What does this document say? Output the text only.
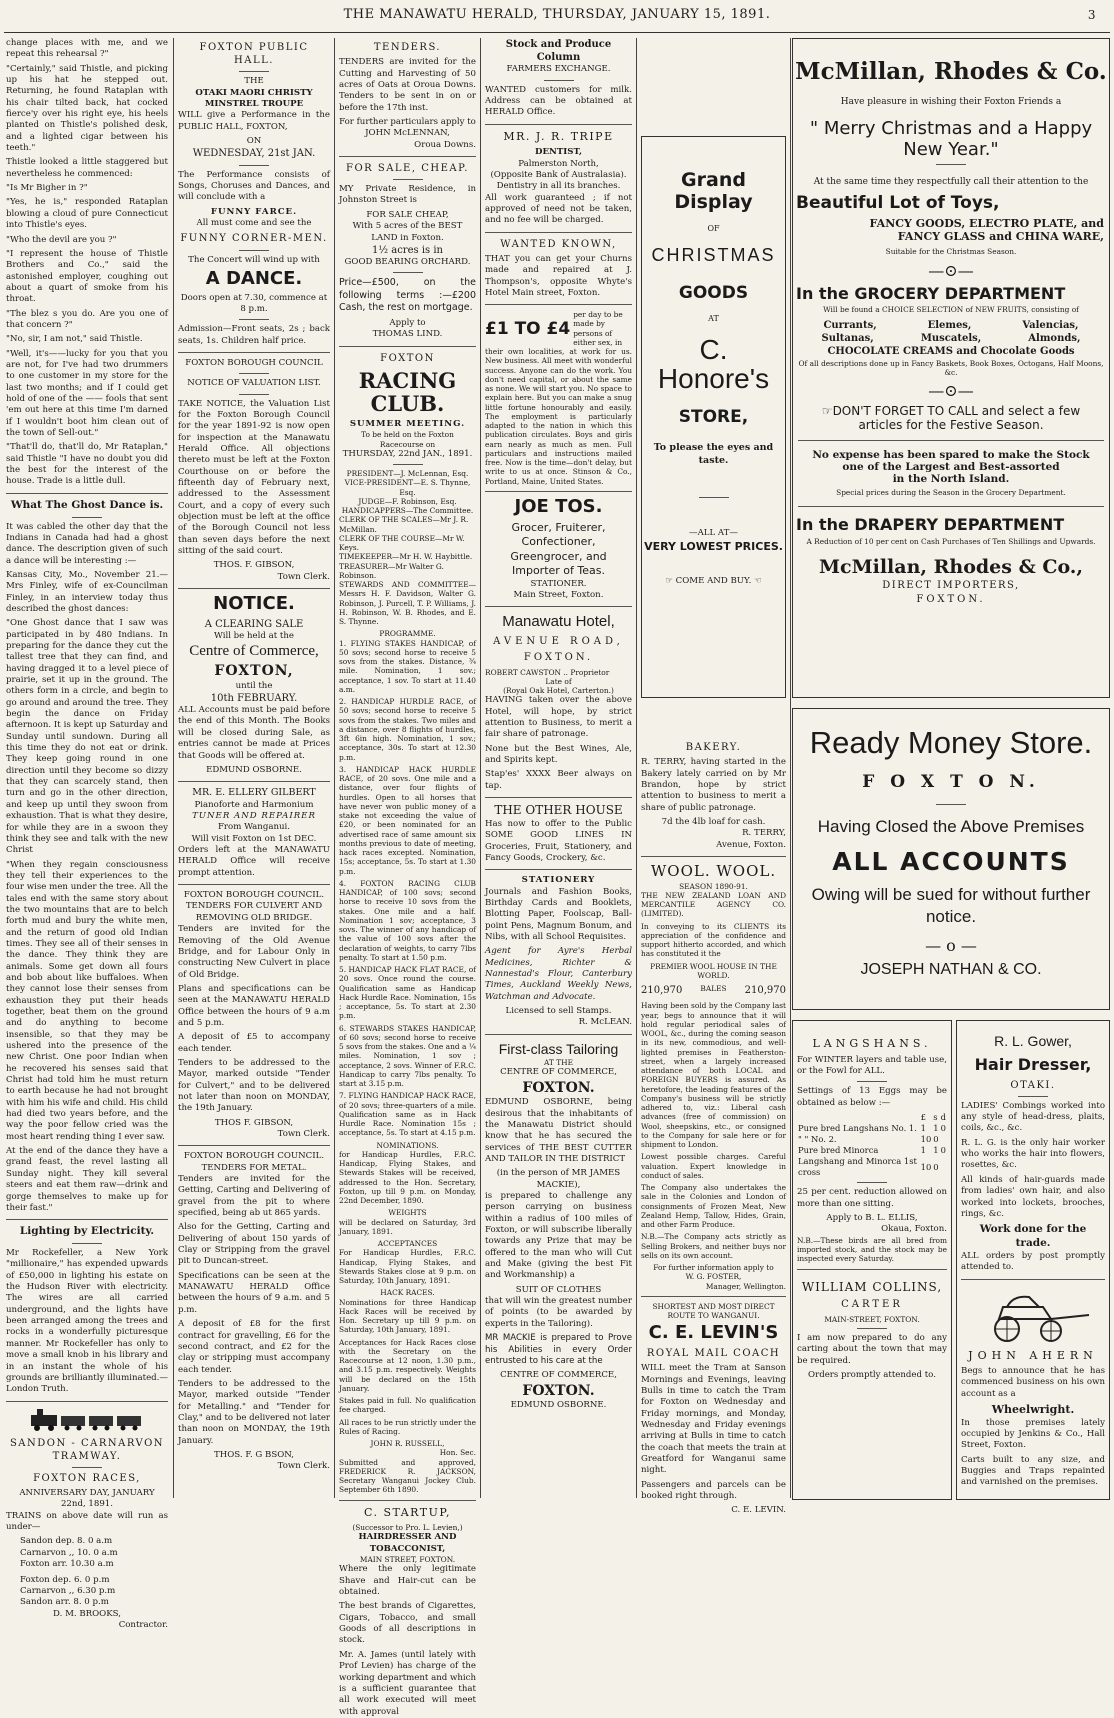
THE MANAWATU HERALD, THURSDAY, JANUARY 15, 1891.	3

change places with me, and we repeat this rehearsal ?"

"Certainly," said Thistle, and picking up his hat he stepped out. Returning, he found Rataplan with his chair tilted back, hat cocked fierce'y over his right eye, his heels planted on Thistle's polished desk, and a lighted cigar between his teeth."

Thistle looked a little staggered but nevertheless he commenced:

"Is Mr Bigher in ?"

"Yes, he is," responded Rataplan blowing a cloud of pure Connecticut into Thistle's eyes.

"Who the devil are you ?"

"I represent the house of Thistle Brothers and Co.," said the astonished employer, coughing out about a quart of smoke from his throat.

"The blez s you do. Are you one of that concern ?"

"No, sir, I am not," said Thistle.

"Well, it's——lucky for you that you are not, for I've had two drummers to one customer in my store for the last two months; and if I could get hold of one of the —— fools that sent 'em out here at this time I'm darned if I wouldn't boot him clean out of the town of Sell-out."

"That'll do, that'll do, Mr Rataplan," said Thistle "I have no doubt you did the best for the interest of the house. Trade is a little dull.

What The Ghost Dance is.

It was cabled the other day that the Indians in Canada had had a ghost dance. The description given of such a dance will be interesting :—

Kansas City, Mo., November 21.—Mrs Finley, wife of ex-Councilman Finley, in an interview today thus described the ghost dances:

"One Ghost dance that I saw was participated in by 480 Indians. In preparing for the dance they cut the tallest tree that they can find, and having dragged it to a level piece of prairie, set it up in the ground. The others form in a circle, and begin to go around and around the tree. They begin the dance on Friday afternoon. It is kept up Saturday and Sunday until sundown. During all this time they do not eat or drink. They keep going round in one direction until they become so dizzy that they can scarcely stand, then turn and go in the other direction, and keep up until they swoon from exhaustion. That is what they desire, for while they are in a swoon they think they see and talk with the new Christ

"When they regain consciousness they tell their experiences to the four wise men under the tree. All the tales end with the same story about the two mountains that are to belch forth mud and bury the white men, and the return of good old Indian times. They see all of their senses in the dance. They think they are animals. Some get down all fours and bob about like buffaloes. When they cannot lose their senses from exhaustion they put their heads together, beat them on the ground and do anything to become insensible, so that they may be ushered into the presence of the new Christ. One poor Indian when he recovered his senses said that Christ had told him he must return to earth because he had not brought with him his wife and child. His child had died two years before, and the way the poor fellow cried was the most heart rending thing I ever saw.

At the end of the dance they have a grand feast, the revel lasting all Sunday night. They kill several steers and eat them raw—drink and gorge themselves to make up for their fast."

Lighting by Electricity.

Mr Rockefeller, a New York "millionaire," has expended upwards of £50,000 in lighting his estate on the Hudson River with electricity. The wires are all carried underground, and the lights have been arranged among the trees and rocks in a wonderfully picturesque manner. Mr Rockefeller has only to move a small knob in his library and in an instant the whole of his grounds are brilliantly illuminated.—London Truth.

SANDON - CARNARVON TRAMWAY.
FOXTON RACES,
ANNIVERSARY DAY, JANUARY 22nd, 1891.

TRAINS on above date will run as under—

Sandon dep. 8. 0 a.m
Carnarvon ,, 10. 0 a.m
Foxton arr. 10.30 a.m
Foxton dep. 6. 0 p.m
Carnarvon ,, 6.30 p.m
Sandon arr. 8. 0 p.m
D. M. BROOKS,
Contractor.
FOXTON PUBLIC HALL.
THE
OTAKI MAORI CHRISTY MINSTREL TROUPE

WILL give a Performance in the PUBLIC HALL, FOXTON,

ON
WEDNESDAY, 21st JAN.

The Performance consists of Songs, Choruses and Dances, and will conclude with a

FUNNY FARCE.
All must come and see the
FUNNY CORNER-MEN.
The Concert will wind up with
A DANCE.
Doors open at 7.30, commence at 8 p.m.

Admission—Front seats, 2s ; back seats, 1s. Children half price.

FOXTON BOROUGH COUNCIL
NOTICE OF VALUATION LIST.

TAKE NOTICE, the Valuation List for the Foxton Borough Council for the year 1891-92 is now open for inspection at the Manawatu Herald Office. All objections thereto must be left at the Foxton Courthouse on or before the fifteenth day of February next, addressed to the Assessment Court, and a copy of every such objection must be left at the office of the Borough Council not less than seven days before the next sitting of the said court.

THOS. F. GIBSON,
Town Clerk.
NOTICE.
A CLEARING SALE
Will be held at the
Centre of Commerce,
FOXTON,
until the
10th FEBRUARY.

ALL Accounts must be paid before the end of this Month. The Books will be closed during Sale, as entries cannot be made at Prices that Goods will be offered at.

EDMUND OSBORNE.
MR. E. ELLERY GILBERT
Pianoforte and Harmonium
TUNER AND REPAIRER
From Wanganui.
Will visit Foxton on 1st DEC.

Orders left at the MANAWATU HERALD Office will receive prompt attention.

FOXTON BOROUGH COUNCIL.
TENDERS FOR CULVERT AND REMOVING OLD BRIDGE.

Tenders are invited for the Removing of the Old Avenue Bridge, and for Labour Only in constructing New Culvert in place of Old Bridge.

Plans and specifications can be seen at the MANAWATU HERALD Office between the hours of 9 a.m and 5 p.m.

A deposit of £5 to accompany each tender.

Tenders to be addressed to the Mayor, marked outside "Tender for Culvert," and to be delivered not later than noon on MONDAY, the 19th January.

THOS F. GIBSON,
Town Clerk.
FOXTON BOROUGH COUNCIL.
TENDERS FOR METAL.

Tenders are invited for the Getting, Carting and Delivering of gravel from the pit to where specified, being ab ut 865 yards.

Also for the Getting, Carting and Delivering of about 150 yards of Clay or Stripping from the gravel pit to Duncan-street.

Specifications can be seen at the MANAWATU HERALD Office between the hours of 9 a.m. and 5 p.m.

A deposit of £8 for the first contract for gravelling, £6 for the second contract, and £2 for the clay or stripping must accompany each tender.

Tenders to be addressed to the Mayor, marked outside "Tender for Metalling." and "Tender for Clay," and to be delivered not later than noon on MONDAY, the 19th January.

THOS. F. G BSON,
Town Clerk.
TENDERS.

TENDERS are invited for the Cutting and Harvesting of 50 acres of Oats at Oroua Downs. Tenders to be sent in on or before the 17th inst.

For further particulars apply to
JOHN McLENNAN,
Oroua Downs.
FOR SALE, CHEAP.

MY Private Residence, in Johnston Street is

FOR SALE CHEAP,
With 5 acres of the BEST LAND in Foxton.
1½ acres is in
GOOD BEARING ORCHARD.

Price—£500, on the following terms :—£200 Cash, the rest on mortgage.

Apply to
THOMAS LIND.
FOXTON
RACING CLUB.
SUMMER MEETING.
To be held on the Foxton Racecourse on
THURSDAY, 22nd JAN., 1891.
PRESIDENT—J. McLennan, Esq.
VICE-PRESIDENT—E. S. Thynne, Esq.
JUDGE—F. Robinson, Esq.
HANDICAPPERS—The Committee.
CLERK OF THE SCALES—Mr J. R. McMillan.
CLERK OF THE COURSE—Mr W. Keys.
TIMEKEEPER—Mr H. W. Haybittle.
TREASURER—Mr Walter G. Robinson.

STEWARDS AND COMMITTEE—Messrs H. F. Davidson, Walter G. Robinson, J. Purcell, T. P. Williams, J. H. Robinson, W. B. Rhodes, and E. S. Thynne.

PROGRAMME.

1. FLYING STAKES HANDICAP, of 50 sovs; second horse to receive 5 sovs from the stakes. Distance, ¾ mile. Nomination, 1 sov.; acceptance, 1 sov. To start at 11.40 a.m.

2. HANDICAP HURDLE RACE, of 50 sovs; second horse to receive 5 sovs from the stakes. Two miles and a distance, over 8 flights of hurdles, 3ft 6in high. Nomination, 1 sov.; acceptance, 30s. To start at 12.30 p.m.

3. HANDICAP HACK HURDLE RACE, of 20 sovs. One mile and a distance, over four flights of hurdles. Open to all horses that have never won public money of a stake not exceeding the value of £20, or been nominated for an advertised race of same amount six months previous to date of meeting, hack races excepted. Nomination, 15s; acceptance, 5s. To start at 1.30 p.m.

4. FOXTON RACING CLUB HANDICAP, of 100 sovs; second horse to receive 10 sovs from the stakes. One mile and a half. Nomination 1 sov; acceptance, 3 sovs. The winner of any handicap of the value of 100 sovs after the declaration of weights, to carry 7lbs penalty. To start at 1.50 p.m.

5. HANDICAP HACK FLAT RACE, of 20 sovs. Once round the course. Qualification same as Handicap Hack Hurdle Race. Nomination, 15s ; acceptance, 5s. To start at 2.30 p.m.

6. STEWARDS STAKES HANDICAP, of 60 sovs; second horse to receive 5 sovs from the stakes. One and a ¼ miles. Nomination, 1 sov ; acceptance, 2 sovs. Winner of F.R.C. Handicap to carry 7lbs penalty. To start at 3.15 p.m.

7. FLYING HANDICAP HACK RACE, of 20 sovs; three-quarters of a mile. Qualification same as in Hack Hurdle Race. Nomination 15s ; acceptance, 5s. To start at 4.15 p.m.

NOMINATIONS.

for Handicap Hurdles, F.R.C. Handicap, Flying Stakes, and Stewards Stakes will be received, addressed to the Hon. Secretary, Foxton, up till 9 p.m. on Monday, 22nd December, 1890.

WEIGHTS

will be declared on Saturday, 3rd January, 1891.

ACCEPTANCES

For Handicap Hurdles, F.R.C. Handicap, Flying Stakes, and Stewards Stakes close at 9 p.m. on Saturday, 10th January, 1891.

HACK RACES.

Nominations for three Handicap Hack Races will be received by Hon. Secretary up till 9 p.m. on Saturday, 10th January, 1891.

Acceptances for Hack Races close with the Secretary on the Racecourse at 12 noon, 1.30 p.m., and 3.15 p.m. respectively. Weights will be declared on the 15th January.

Stakes paid in full. No qualification fee charged.

All races to be run strictly under the Rules of Racing.

JOHN R. RUSSELL,
Hon. Sec.

Submitted and approved, FREDERICK R. JACKSON, Secretary Wanganui Jockey Club. September 6th 1890.

C. STARTUP,
(Successor to Pro. L. Levien,)
HAIRDRESSER AND TOBACCONIST,
MAIN STREET, FOXTON.

Where the only legitimate Shave and Hair-cut can be obtained.

The best brands of Cigarettes, Cigars, Tobacco, and small Goods of all descriptions in stock.

Mr. A. James (until lately with Prof Levien) has charge of the working department and which is a sufficient guarantee that all work executed will meet with approval

Stock and Produce Column
FARMERS EXCHANGE.

WANTED customers for milk. Address can be obtained at HERALD Office.

MR. J. R. TRIPE
DENTIST,
Palmerston North,
(Opposite Bank of Australasia).
Dentistry in all its branches.

All work guaranteed ; if not approved of need not be taken, and no fee will be charged.

WANTED KNOWN,

THAT you can get your Churns made and repaired at J. Thompson's, opposite Whyte's Hotel Main street, Foxton.

£1 TO £4
per day to be made by persons of either sex, in

their own localities, at work for us. New business. All meet with wonderful success. Anyone can do the work. You don't need capital, or about the same as none. We will start you. No space to explain here. But you can make a snug little fortune honourably and easily. The employment is particularly adapted to the nation in which this publication circulates. Boys and girls earn nearly as much as men. Full particulars and instructions mailed free. Now is the time—don't delay, but write to us at once. Stinson & Co., Portland, Maine, United States.

JOE TOS.
Grocer, Fruiterer, Confectioner, Greengrocer, and Importer of Teas.
STATIONER.
Main Street, Foxton.
Manawatu Hotel,
AVENUE ROAD,
FOXTON.
ROBERT CAWSTON .. Proprietor
Late of
(Royal Oak Hotel, Carterton.)

HAVING taken over the above Hotel, will hope, by strict attention to Business, to merit a fair share of patronage.

None but the Best Wines, Ale, and Spirits kept.

Stap'es' XXXX Beer always on tap.

THE OTHER HOUSE

Has now to offer to the Public SOME GOOD LINES IN Groceries, Fruit, Stationery, and Fancy Goods, Crockery, &c.

STATIONERY

Journals and Fashion Books, Birthday Cards and Booklets, Blotting Paper, Foolscap, Ball-point Pens, Magnum Bonum, and Nibs, with all School Requisites.

Agent for Ayre's Herbal Medicines, Richter & Nannestad's Flour, Canterbury Times, Auckland Weekly News, Watchman and Advocate.

Licensed to sell Stamps.
R. McLEAN.
First-class Tailoring
AT THE
CENTRE OF COMMERCE,
FOXTON.

EDMUND OSBORNE, being desirous that the inhabitants of the Manawatu District should know that he has secured the services of THE BEST CUTTER AND TAILOR IN THE DISTRICT

(in the person of MR JAMES MACKIE),

is prepared to challenge any person carrying on business within a radius of 100 miles of Foxton, or will subscribe liberally towards any Prize that may be offered to the man who will Cut and Make (giving the best Fit and Workmanship) a

SUIT OF CLOTHES

that will win the greatest number of points (to be awarded by experts in the Tailoring).

MR MACKIE is prepared to Prove his Abilities in every Order entrusted to his care at the

CENTRE OF COMMERCE,
FOXTON.
EDMUND OSBORNE.
Grand Display
OF
CHRISTMAS
GOODS
AT
C. Honore's
STORE,
To please the eyes and taste.
—ALL AT—
VERY LOWEST PRICES.
☞ COME AND BUY. ☜
BAKERY.

R. TERRY, having started in the Bakery lately carried on by Mr Brandon, hope by strict attention to business to merit a share of public patronage.

7d the 4lb loaf for cash.
R. TERRY,
Avenue, Foxton.
WOOL. WOOL.
SEASON 1890-91.

THE NEW ZEALAND LOAN AND MERCANTILE AGENCY CO. (LIMITED).

In conveying to its CLIENTS its appreciation of the confidence and support hitherto accorded, and which has constituted it the

PREMIER WOOL HOUSE IN THE WORLD.
210,970 BALES 210,970

Having been sold by the Company last year, begs to announce that it will hold regular periodical sales of WOOL, &c., during the coming season in its new, commodious, and well-lighted premises in Featherston-street, when a largely increased attendance of both LOCAL and FOREIGN BUYERS is assured. As heretofore, the leading features of the Company's business will be strictly adhered to, viz.: Liberal cash advances (free of commission) on Wool, sheepskins, etc., or consigned to the Company for sale here or for shipment to London.

Lowest possible charges. Careful valuation. Expert knowledge in conduct of sales.

The Company also undertakes the sale in the Colonies and London of consignments of Frozen Meat, New Zealand Hemp, Tallow, Hides, Grain, and other Farm Produce.

N.B.—The Company acts strictly as Selling Brokers, and neither buys nor sells on its own account.

For further information apply to
W. G. FOSTER,
Manager, Wellington.
SHORTEST AND MOST DIRECT ROUTE TO WANGANUI.
C. E. LEVIN'S
ROYAL MAIL COACH

WILL meet the Tram at Sanson Mornings and Evenings, leaving Bulls in time to catch the Tram for Foxton on Wednesday and Friday mornings, and Monday, Wednesday and Friday evenings arriving at Bulls in time to catch the coach that meets the train at Greatford for Wanganui same night.

Passengers and parcels can be booked right through.

C. E. LEVIN.
McMillan, Rhodes & Co.
Have pleasure in wishing their Foxton Friends a
" Merry Christmas and a Happy New Year."
At the same time they respectfully call their attention to the
Beautiful Lot of Toys,
FANCY GOODS, ELECTRO PLATE, and
FANCY GLASS and CHINA WARE,
Suitable for the Christmas Season.
—⊙—
In the GROCERY DEPARTMENT
Will be found a CHOICE SELECTION of NEW FRUITS, consisting of
Currants,	Elemes,	Valencias,
Sultanas,	Muscatels,	Almonds,
CHOCOLATE CREAMS and Chocolate Goods
Of all descriptions done up in Fancy Baskets, Book Boxes, Octogans, Half Moons, &c.
—⊙—
☞DON'T FORGET TO CALL and select a few articles for the Festive Season.
No expense has been spared to make the Stock
one of the Largest and Best-assorted
in the North Island.
Special prices during the Season in the Grocery Department.
In the DRAPERY DEPARTMENT
A Reduction of 10 per cent on Cash Purchases of Ten Shillings and Upwards.
McMillan, Rhodes & Co.,
DIRECT IMPORTERS,
FOXTON.
Ready Money Store.
F O X T O N.
Having Closed the Above Premises
ALL ACCOUNTS
Owing will be sued for without further notice.
— o —
JOSEPH NATHAN & CO.
LANGSHANS.

For WINTER layers and table use, or the Fowl for ALL.

Settings of 13 Eggs may be obtained as below :—

	£	s	d
Pure bred Langshans No. 1.	1	1	0
" " No. 2.	10	0	
Pure bred Minorca	1	1	0
Langshang and Minorca 1st cross	10	0	

25 per cent. reduction allowed on more than one sitting.

Apply to B. L. ELLIS,
Okaua, Foxton.

N.B.—These birds are all bred from imported stock, and the stock may be inspected every Saturday.

WILLIAM COLLINS,
CARTER
MAIN-STREET, FOXTON.

I am now prepared to do any carting about the town that may be required.

Orders promptly attended to.
R. L. Gower,
Hair Dresser,
OTAKI.

LADIES' Combings worked into any style of head-dress, plaits, coils, &c., &c.

R. L. G. is the only hair worker who works the hair into flowers, rosettes, &c.

All kinds of hair-guards made from ladies' own hair, and also worked into lockets, brooches, rings, &c.

Work done for the trade.

ALL orders by post promptly attended to.

JOHN AHERN

Begs to announce that he has commenced business on his own account as a

Wheelwright.

In those premises lately occupied by Jenkins & Co., Hall Street, Foxton.

Carts built to any size, and Buggies and Traps repainted and varnished on the premises.
